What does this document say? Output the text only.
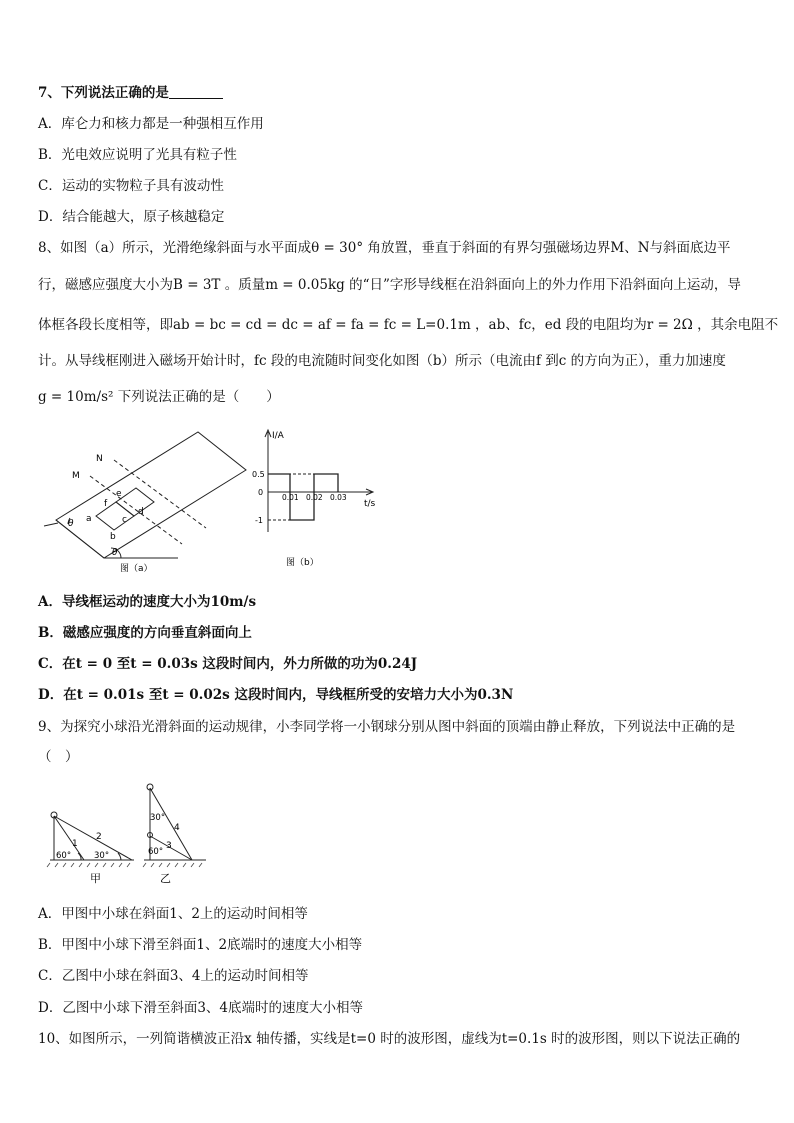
7、下列说法正确的是
A．库仑力和核力都是一种强相互作用
B．光电效应说明了光具有粒子性
C．运动的实物粒子具有波动性
D．结合能越大，原子核越稳定
8、如图（a）所示，光滑绝缘斜面与水平面成θ = 30° 角放置，垂直于斜面的有界匀强磁场边界M、N与斜面底边平
行，磁感应强度大小为B = 3T 。质量m = 0.05kg 的“日”字形导线框在沿斜面向上的外力作用下沿斜面向上运动，导
体框各段长度相等，即ab = bc = cd = dc = af = fa = fc = L=0.1m ，ab、fc，ed 段的电阻均为r = 2Ω ，其余电阻不
计。从导线框刚进入磁场开始计时，fc 段的电流随时间变化如图（b）所示（电流由f 到c 的方向为正），重力加速度
g = 10m/s² 下列说法正确的是（　　）
N
M
a
b
c
d
e
f
θ
θ
图（a）
I/A
t/s
0.5
0
-1
0.01 0.02 0.03
图（b）
A．导线框运动的速度大小为10m/s
B．磁感应强度的方向垂直斜面向上
C．在t = 0 至t = 0.03s 这段时间内，外力所做的功为0.24J
D．在t = 0.01s 至t = 0.02s 这段时间内，导线框所受的安培力大小为0.3N
9、为探究小球沿光滑斜面的运动规律，小李同学将一小钢球分别从图中斜面的顶端由静止释放，下列说法中正确的是
（　）
1
2
60°	30°
甲
4
3
30°
60°
乙
A．甲图中小球在斜面1、2上的运动时间相等
B．甲图中小球下滑至斜面1、2底端时的速度大小相等
C．乙图中小球在斜面3、4上的运动时间相等
D．乙图中小球下滑至斜面3、4底端时的速度大小相等
10、如图所示，一列简谐横波正沿x 轴传播，实线是t=0 时的波形图，虚线为t=0.1s 时的波形图，则以下说法正确的
